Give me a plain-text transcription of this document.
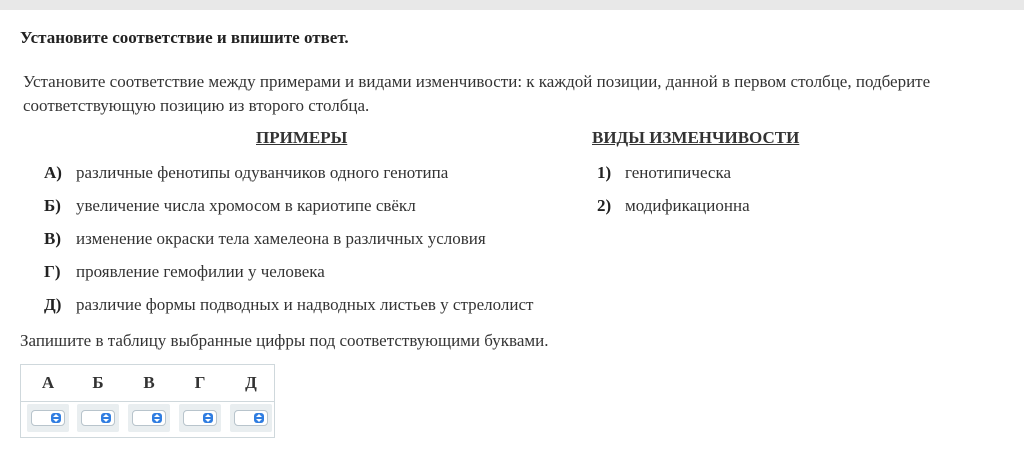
Установите соответствие и впишите ответ.
Установите соответствие между примерами и видами изменчивости: к каждой позиции, данной в первом столбце, подберите соответствующую позицию из второго столбца.
ПРИМЕРЫ	ВИДЫ ИЗМЕНЧИВОСТИ
А) различные фенотипы одуванчиков одного генотипа
Б) увеличение числа хромосом в кариотипе свёкл
В) изменение окраски тела хамелеона в различных условия
Г) проявление гемофилии у человека
Д) различие формы подводных и надводных листьев у стрелолист
1) генотипическа
2) модификационна
Запишите в таблицу выбранные цифры под соответствующими буквами.
А	Б	В	Г	Д
